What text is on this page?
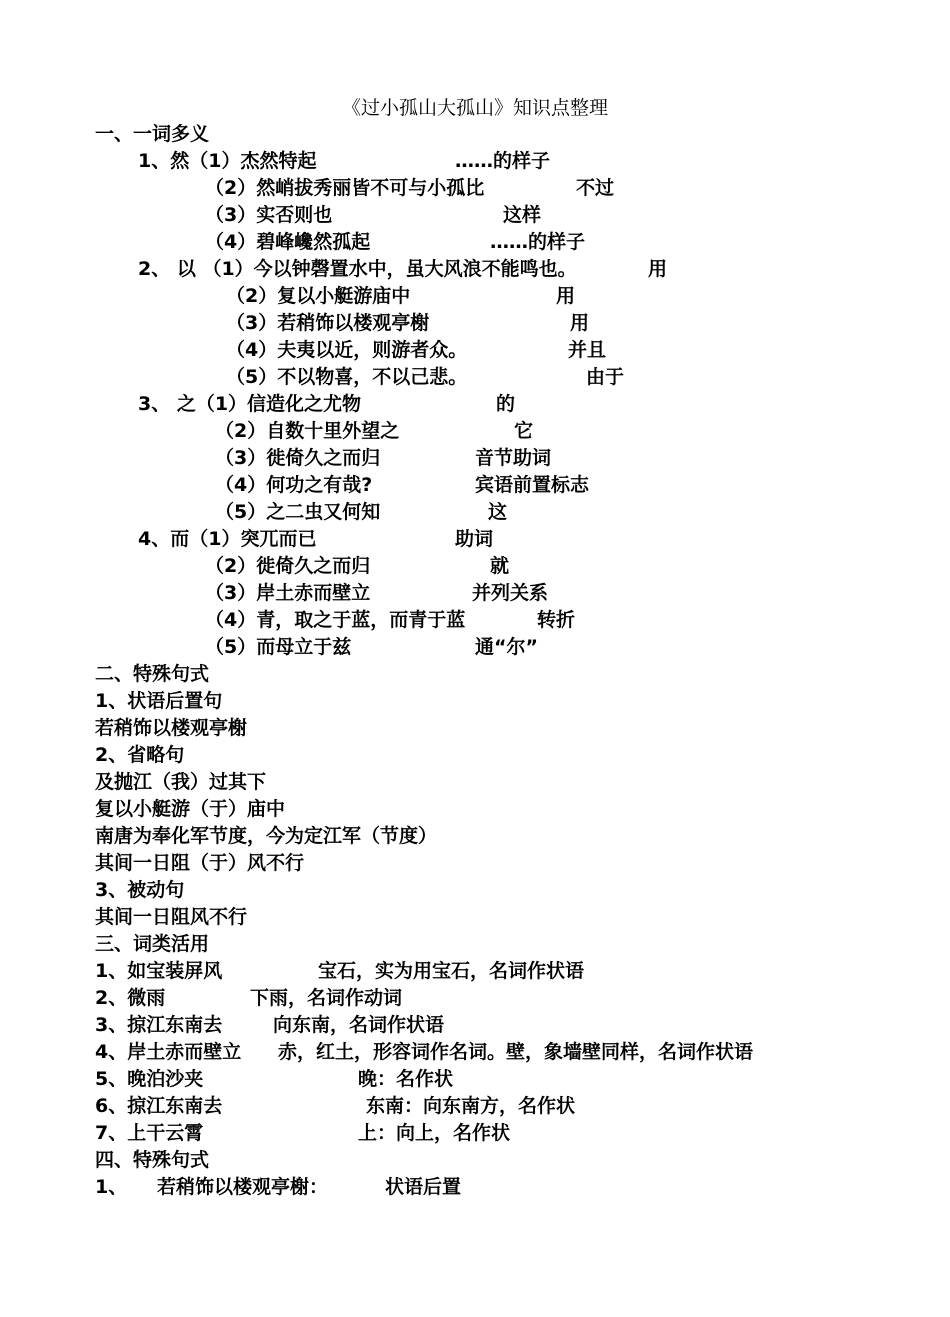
《过小孤山大孤山》知识点整理
一、一词多义
1、然（1）杰然特起	……的样子
（2）然峭拔秀丽皆不可与小孤比	不过
（3）实否则也	这样
（4）碧峰巉然孤起	……的样子
2、 以 （1）今以钟磬置水中，虽大风浪不能鸣也。	用
（2）复以小艇游庙中	用
（3）若稍饰以楼观亭榭	用
（4）夫夷以近，则游者众。	并且
（5）不以物喜，不以己悲。	由于
3、 之（1）信造化之尤物	的
（2）自数十里外望之	它
（3）徙倚久之而归	音节助词
（4）何功之有哉?	宾语前置标志
（5）之二虫又何知	这
4、而（1）突兀而已	助词
（2）徙倚久之而归	就
（3）岸土赤而壁立	并列关系
（4）青，取之于蓝，而青于蓝	转折
（5）而母立于兹	通“尔”
二、特殊句式
1、状语后置句
若稍饰以楼观亭榭
2、省略句
及抛江（我）过其下
复以小艇游（于）庙中
南唐为奉化军节度，今为定江军（节度）
其间一日阻（于）风不行
3、被动句
其间一日阻风不行
三、词类活用
1、如宝装屏风	宝石，实为用宝石，名词作状语
2、微雨	下雨，名词作动词
3、掠江东南去	向东南，名词作状语
4、岸土赤而壁立 赤，红土，形容词作名词。壁，象墙壁同样，名词作状语
5、晚泊沙夹	晚：名作状
6、掠江东南去	东南：向东南方，名作状
7、上干云霄	上：向上，名作状
四、特殊句式
1、 若稍饰以楼观亭榭：	状语后置
